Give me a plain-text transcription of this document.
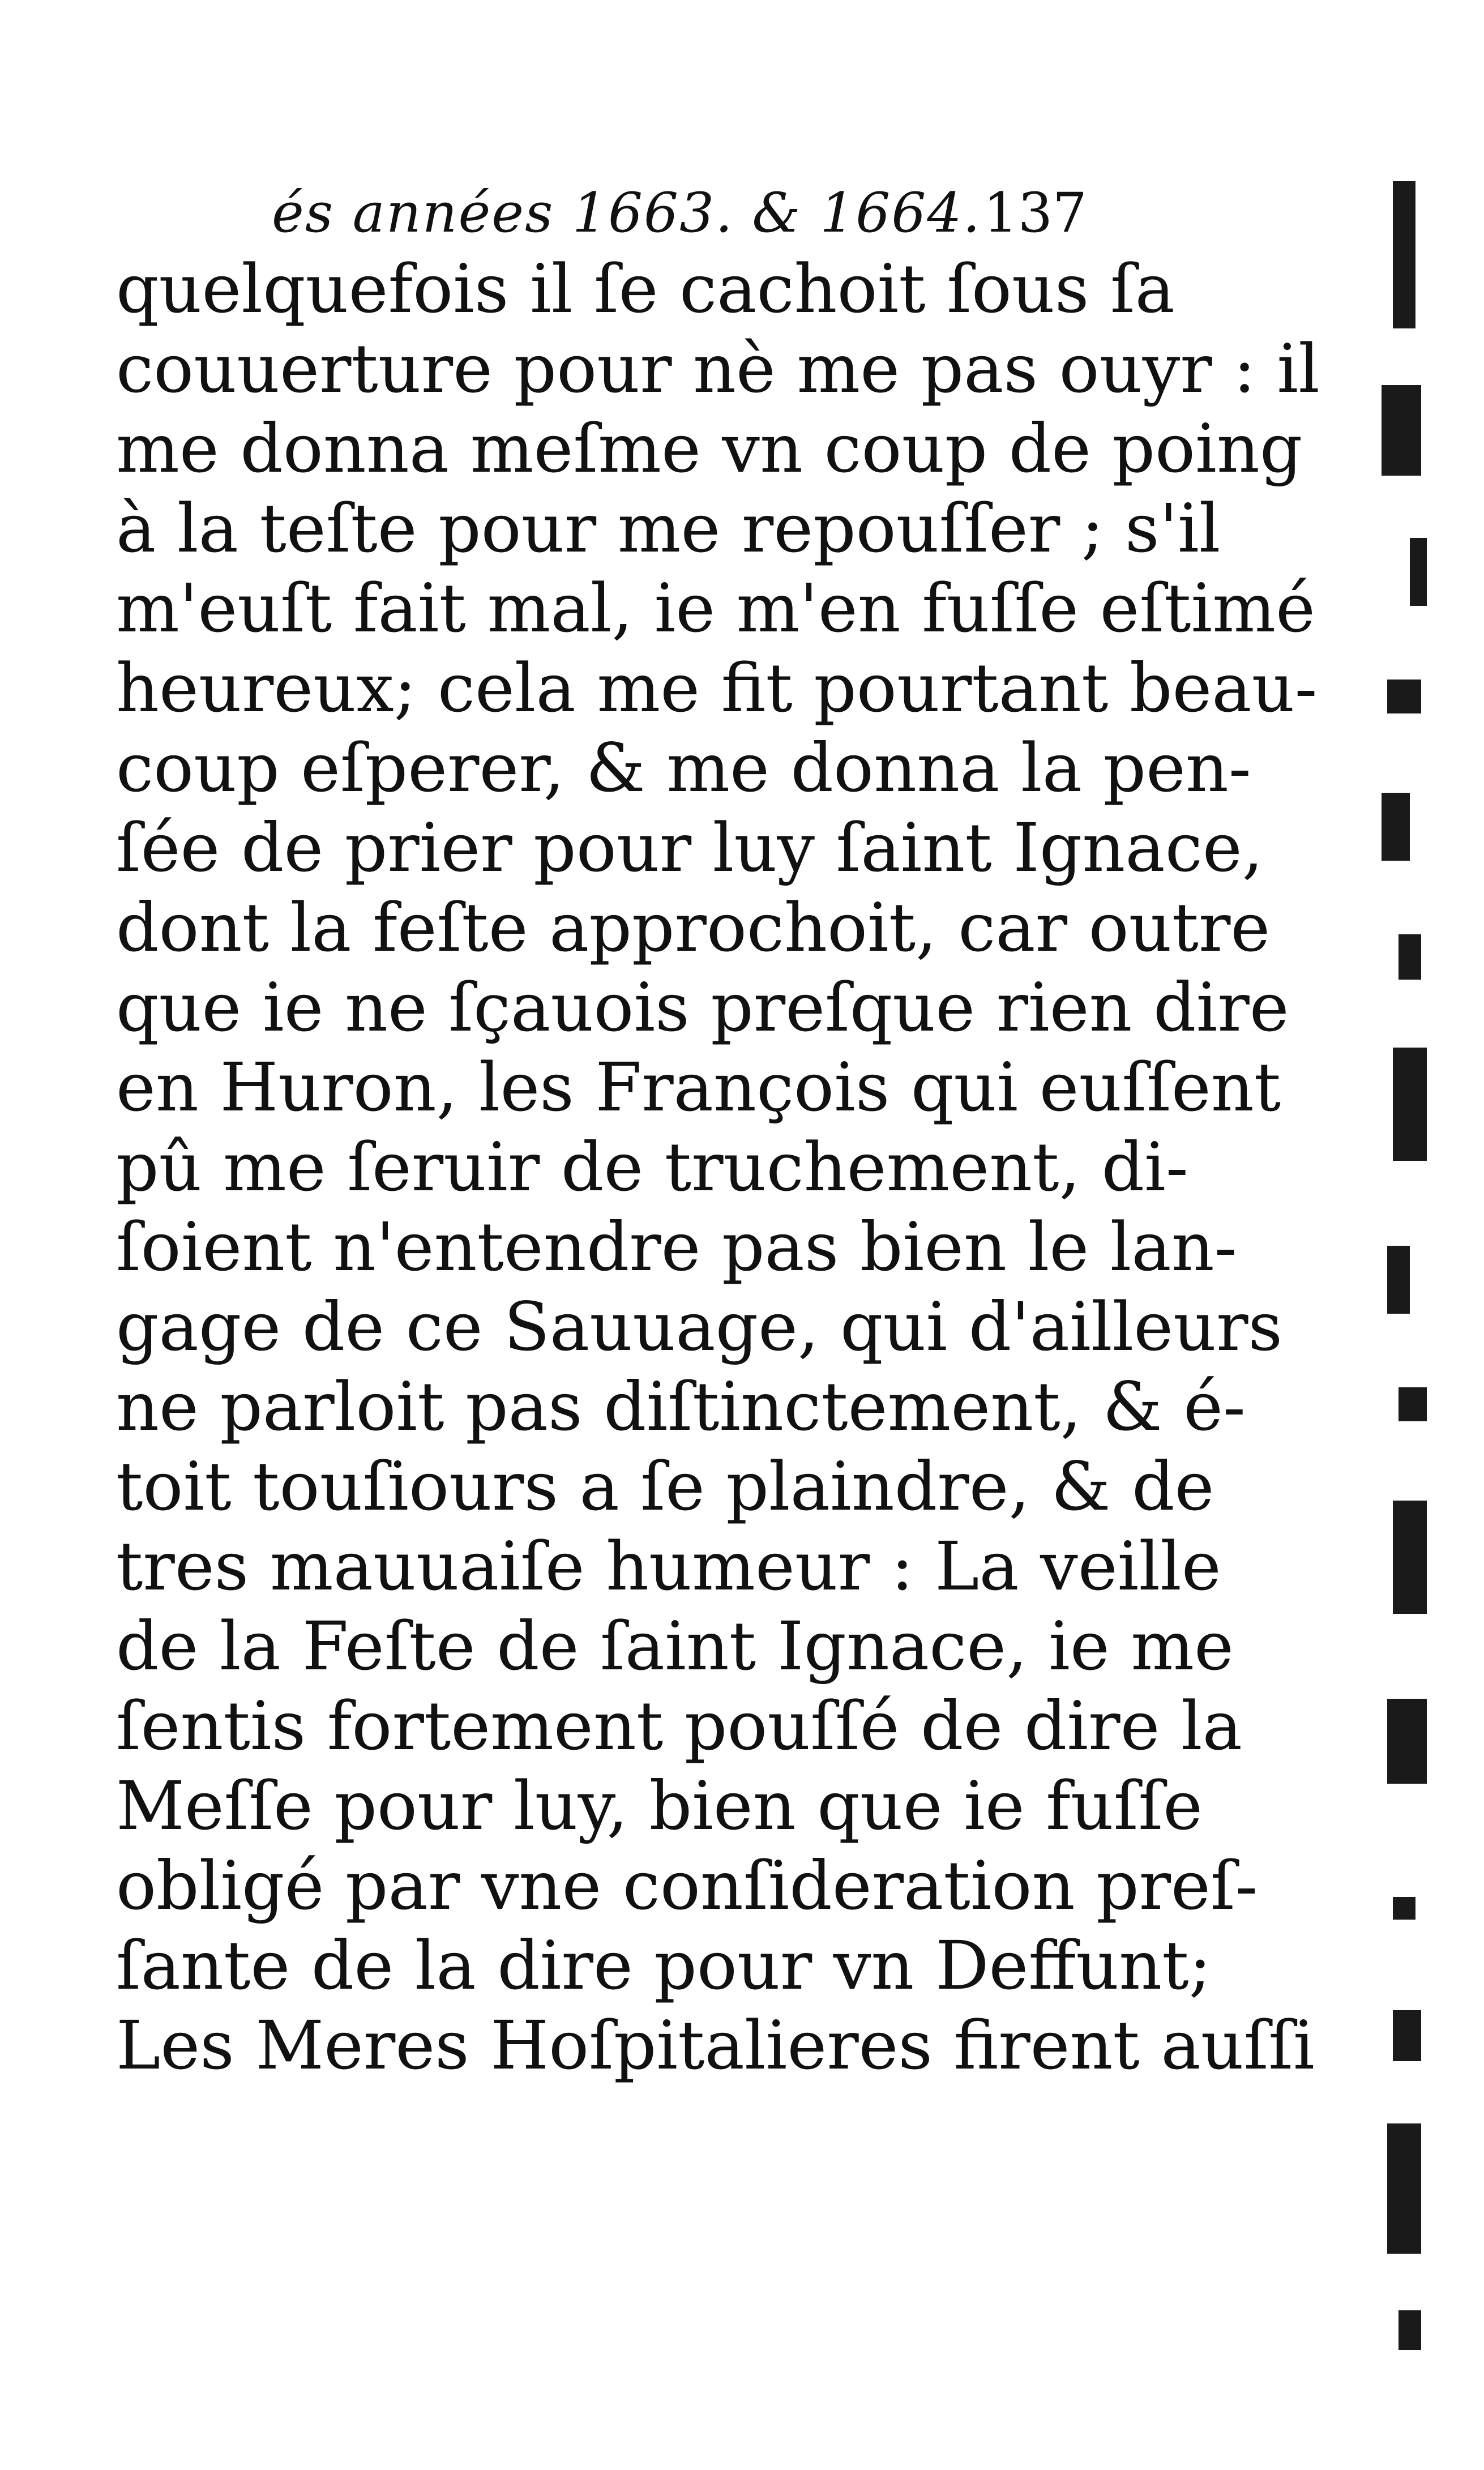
és années 1663. & 1664. 137
quelquefois il ſe cachoit ſous ſa
couuerture pour nè me pas ouyr : il
me donna meſme vn coup de poing
à la teſte pour me repouſſer ; s'il
m'euſt fait mal, ie m'en fuſſe eſtimé
heureux; cela me fit pourtant beau-
coup eſperer, & me donna la pen-
ſée de prier pour luy ſaint Ignace,
dont la feſte approchoit, car outre
que ie ne ſçauois preſque rien dire
en Huron, les François qui euſſent
pû me ſeruir de truchement, di-
ſoient n'entendre pas bien le lan-
gage de ce Sauuage, qui d'ailleurs
ne parloit pas diſtinctement, & é-
toit touſiours a ſe plaindre, & de
tres mauuaiſe humeur : La veille
de la Feſte de ſaint Ignace, ie me
ſentis fortement pouſſé de dire la
Meſſe pour luy, bien que ie fuſſe
obligé par vne conſideration preſ-
ſante de la dire pour vn Deffunt;
Les Meres Hoſpitalieres firent auſſi
